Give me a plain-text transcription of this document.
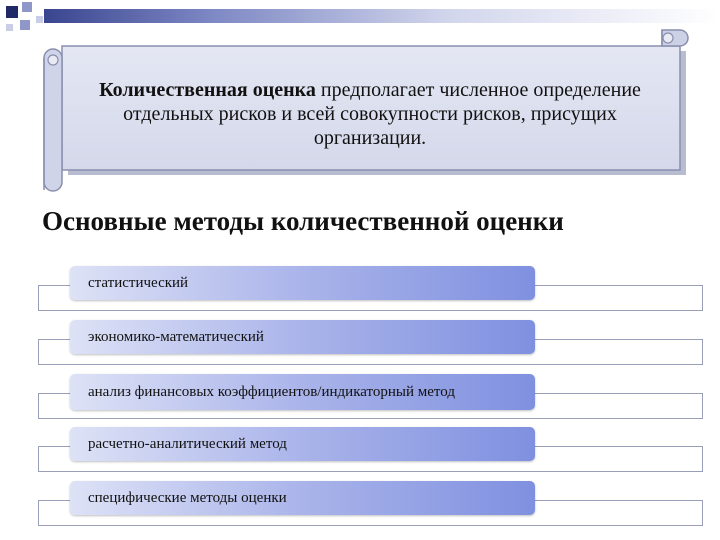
Количественная оценка предполагает численное определение отдельных рисков и всей совокупности рисков, присущих организации.
Основные методы количественной оценки
статистический
экономико-математический
анализ финансовых коэффициентов/индикаторный метод
расчетно-аналитический метод
специфические методы оценки
